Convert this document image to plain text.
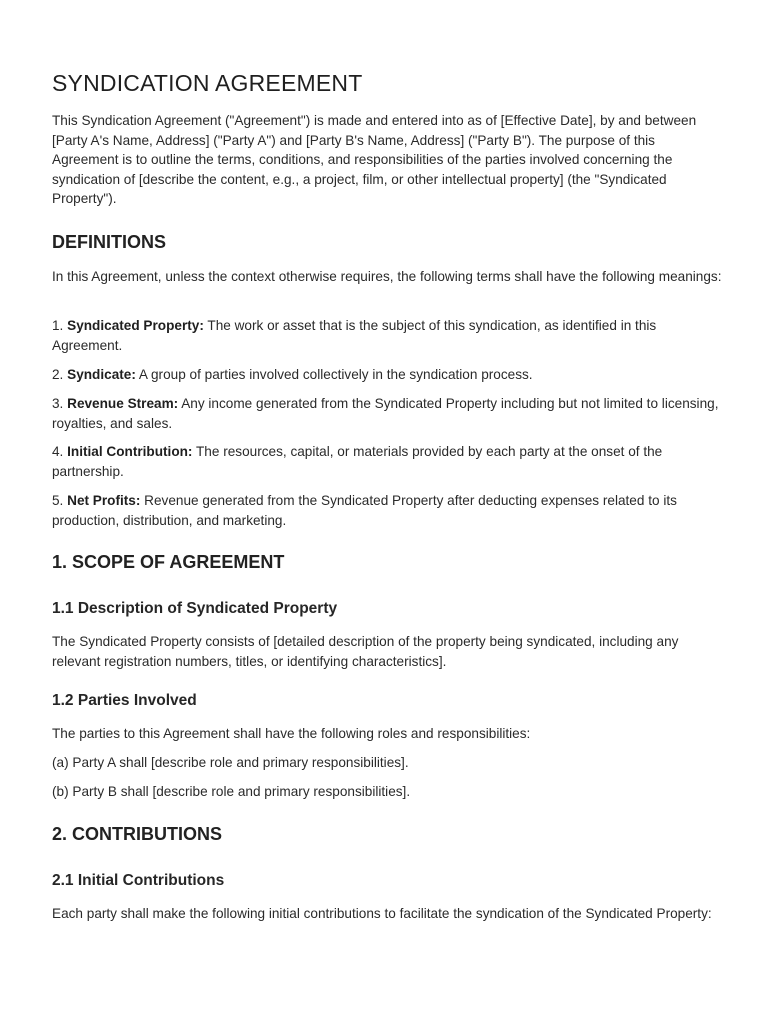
SYNDICATION AGREEMENT

This Syndication Agreement ("Agreement") is made and entered into as of [Effective Date], by and between [Party A's Name, Address] ("Party A") and [Party B's Name, Address] ("Party B"). The purpose of this Agreement is to outline the terms, conditions, and responsibilities of the parties involved concerning the syndication of [describe the content, e.g., a project, film, or other intellectual property] (the "Syndicated Property").

DEFINITIONS

In this Agreement, unless the context otherwise requires, the following terms shall have the following meanings:

1. Syndicated Property: The work or asset that is the subject of this syndication, as identified in this Agreement.

2. Syndicate: A group of parties involved collectively in the syndication process.

3. Revenue Stream: Any income generated from the Syndicated Property including but not limited to licensing, royalties, and sales.

4. Initial Contribution: The resources, capital, or materials provided by each party at the onset of the partnership.

5. Net Profits: Revenue generated from the Syndicated Property after deducting expenses related to its production, distribution, and marketing.

1. SCOPE OF AGREEMENT
1.1 Description of Syndicated Property

The Syndicated Property consists of [detailed description of the property being syndicated, including any relevant registration numbers, titles, or identifying characteristics].

1.2 Parties Involved

The parties to this Agreement shall have the following roles and responsibilities:

(a) Party A shall [describe role and primary responsibilities].

(b) Party B shall [describe role and primary responsibilities].

2. CONTRIBUTIONS
2.1 Initial Contributions

Each party shall make the following initial contributions to facilitate the syndication of the Syndicated Property:
